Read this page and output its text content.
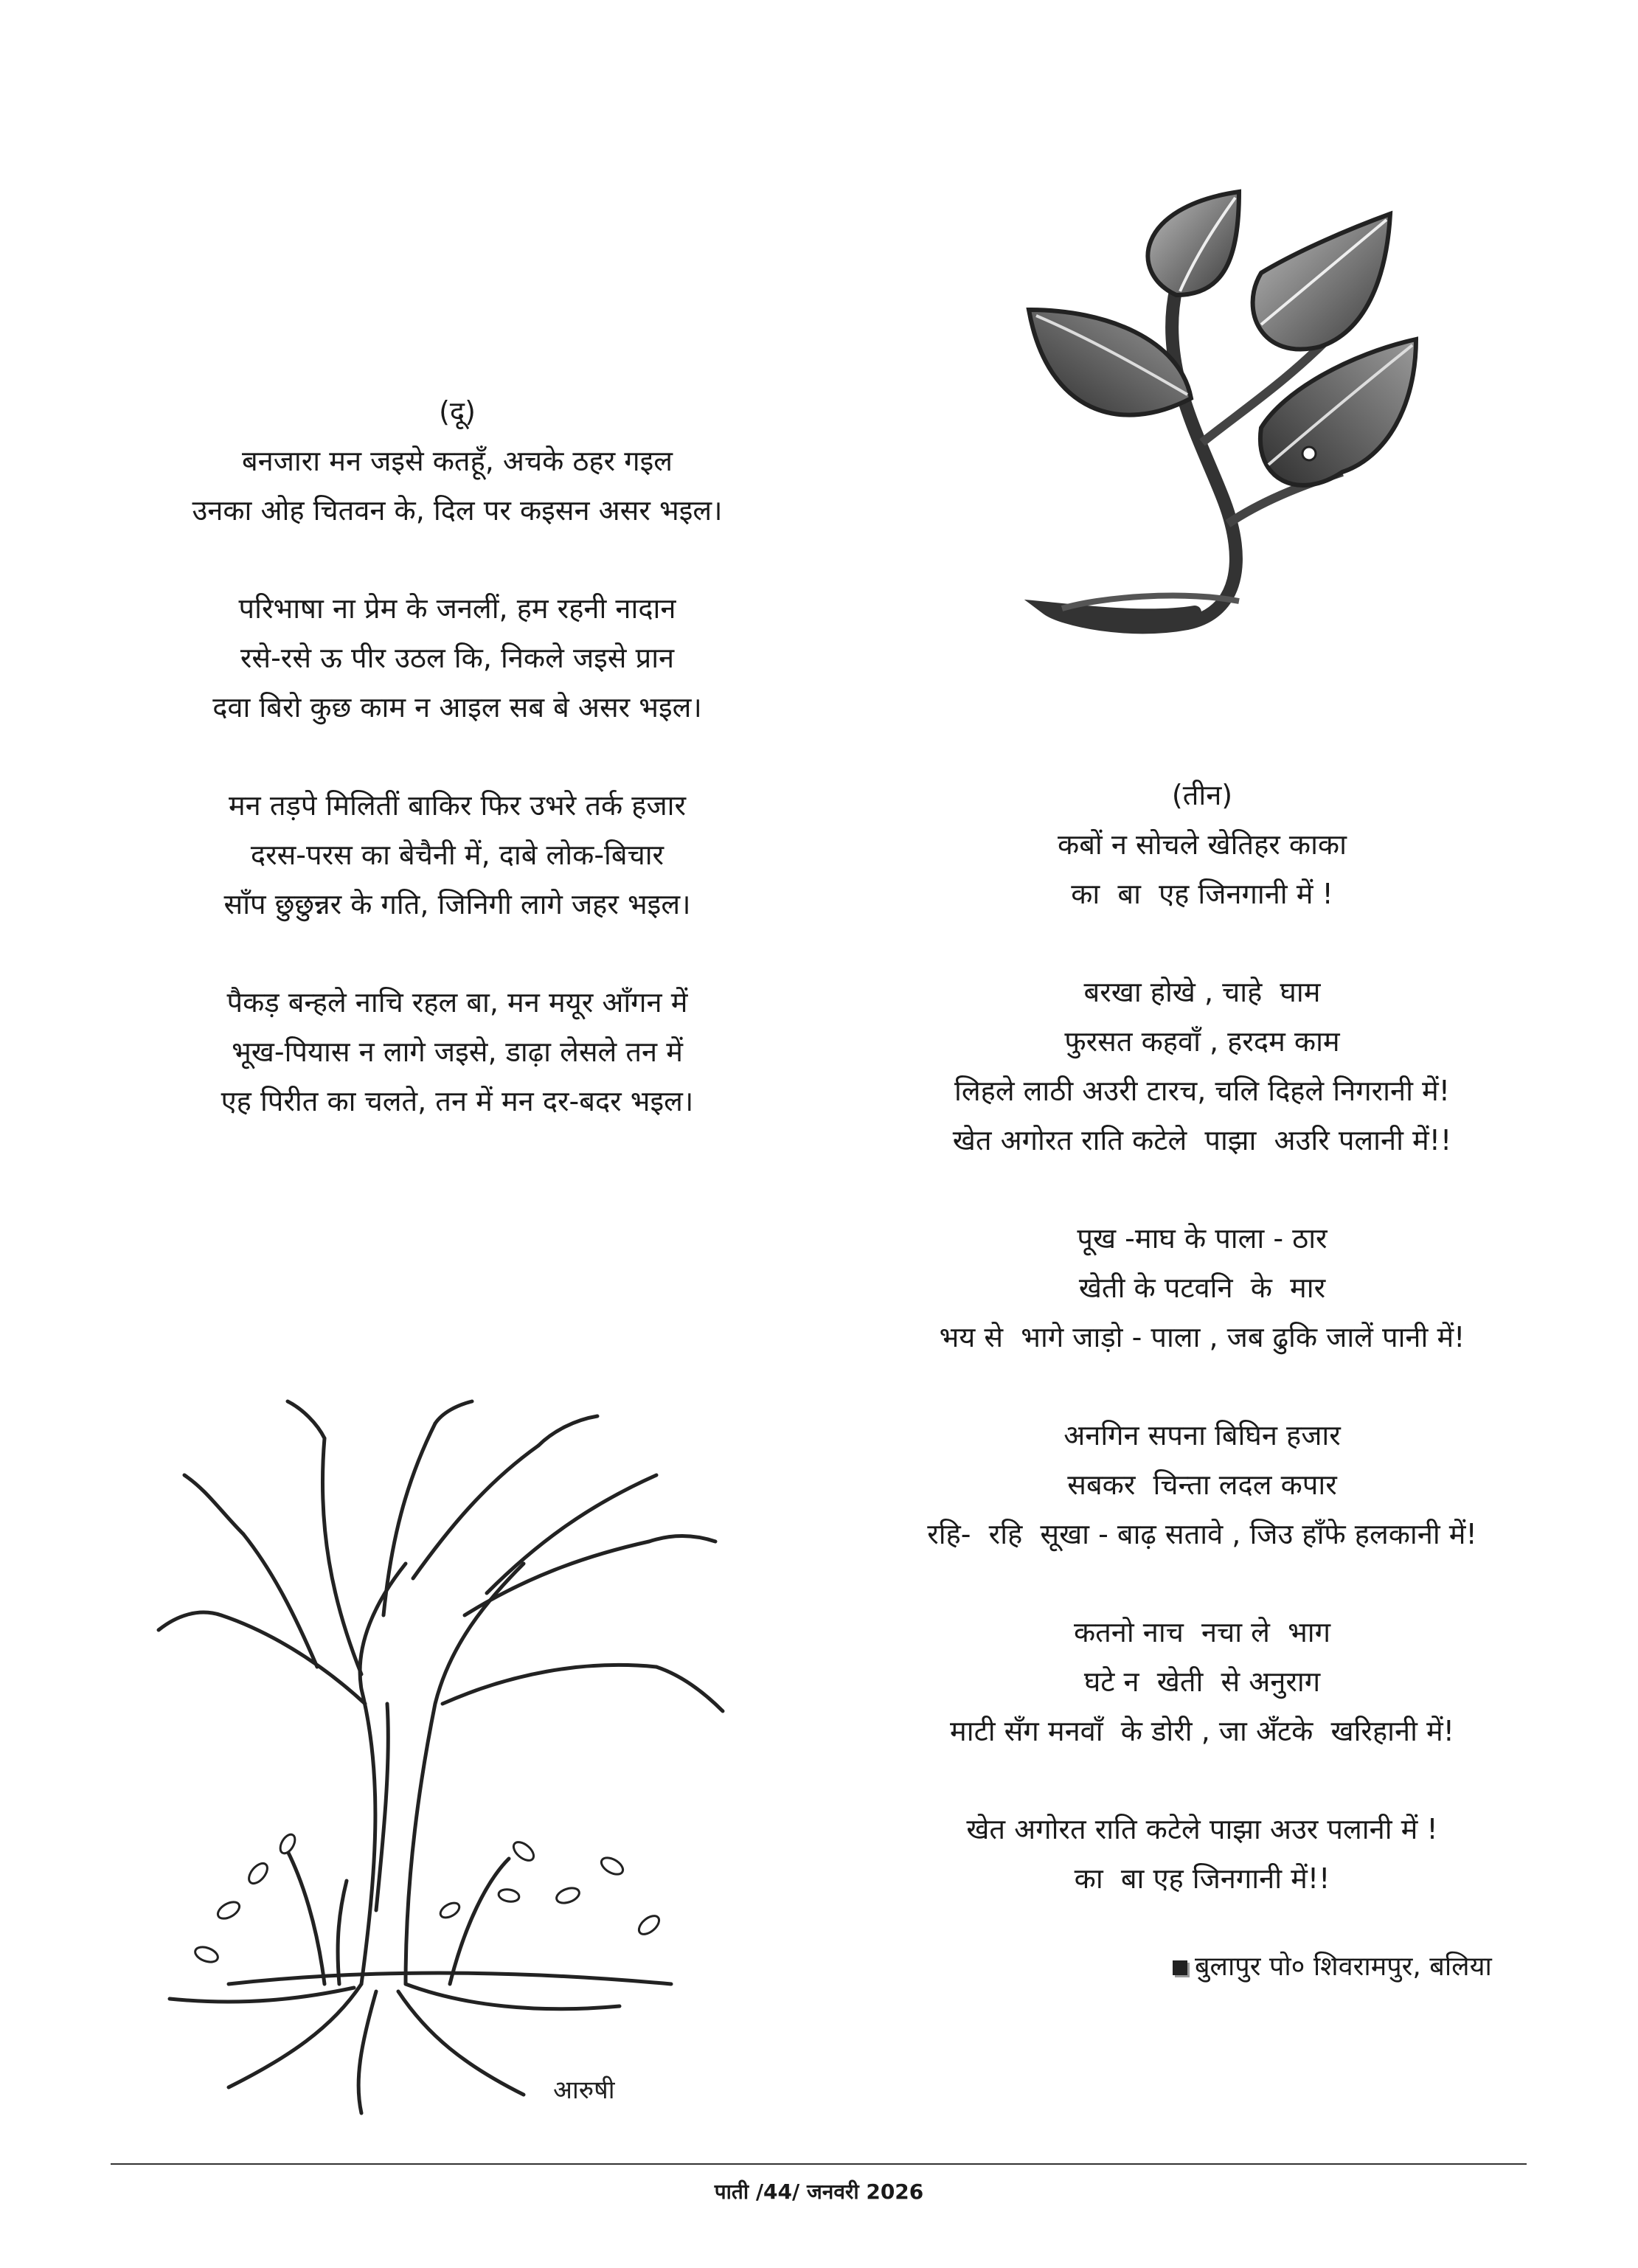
(दू)
बनजारा मन जइसे कतहूँ, अचके ठहर गइल
उनका ओह चितवन के, दिल पर कइसन असर भइल।
परिभाषा ना प्रेम के जनलीं, हम रहनी नादान
रसे-रसे ऊ पीर उठल कि, निकले जइसे प्रान
दवा बिरो कुछ काम न आइल सब बे असर भइल।
मन तड़पे मिलितीं बाकिर फिर उभरे तर्क हजार
दरस-परस का बेचैनी में, दाबे लोक-बिचार
साँप छुछुन्नर के गति, जिनिगी लागे जहर भइल।
पैकड़ बन्हले नाचि रहल बा, मन मयूर आँगन में
भूख-पियास न लागे जइसे, डाढ़ा लेसले तन में
एह पिरीत का चलते, तन में मन दर-बदर भइल।
(तीन)
कबों न सोचले खेतिहर काका
का  बा  एह जिनगानी में !
बरखा होखे , चाहे  घाम
फुरसत कहवाँ , हरदम काम
लिहले लाठी अउरी टारच, चलि दिहले निगरानी में!
खेत अगोरत राति कटेले  पाझा  अउरि पलानी में!!
पूख -माघ के पाला - ठार
खेती के पटवनि  के  मार
भय से  भागे जाड़ो - पाला , जब ढुकि जालें पानी में!
अनगिन सपना बिघिन हजार
सबकर  चिन्ता लदल कपार
रहि-  रहि  सूखा - बाढ़ सतावे , जिउ हाँफे हलकानी में!
कतनो नाच  नचा ले  भाग
घटे न  खेती  से अनुराग
माटी सँग मनवाँ  के डोरी , जा अँटके  खरिहानी में!
खेत अगोरत राति कटेले पाझा अउर पलानी में !
का  बा एह जिनगानी में!!
आरुषी
बुलापुर पो० शिवरामपुर, बलिया
पाती /44/ जनवरी 2026
